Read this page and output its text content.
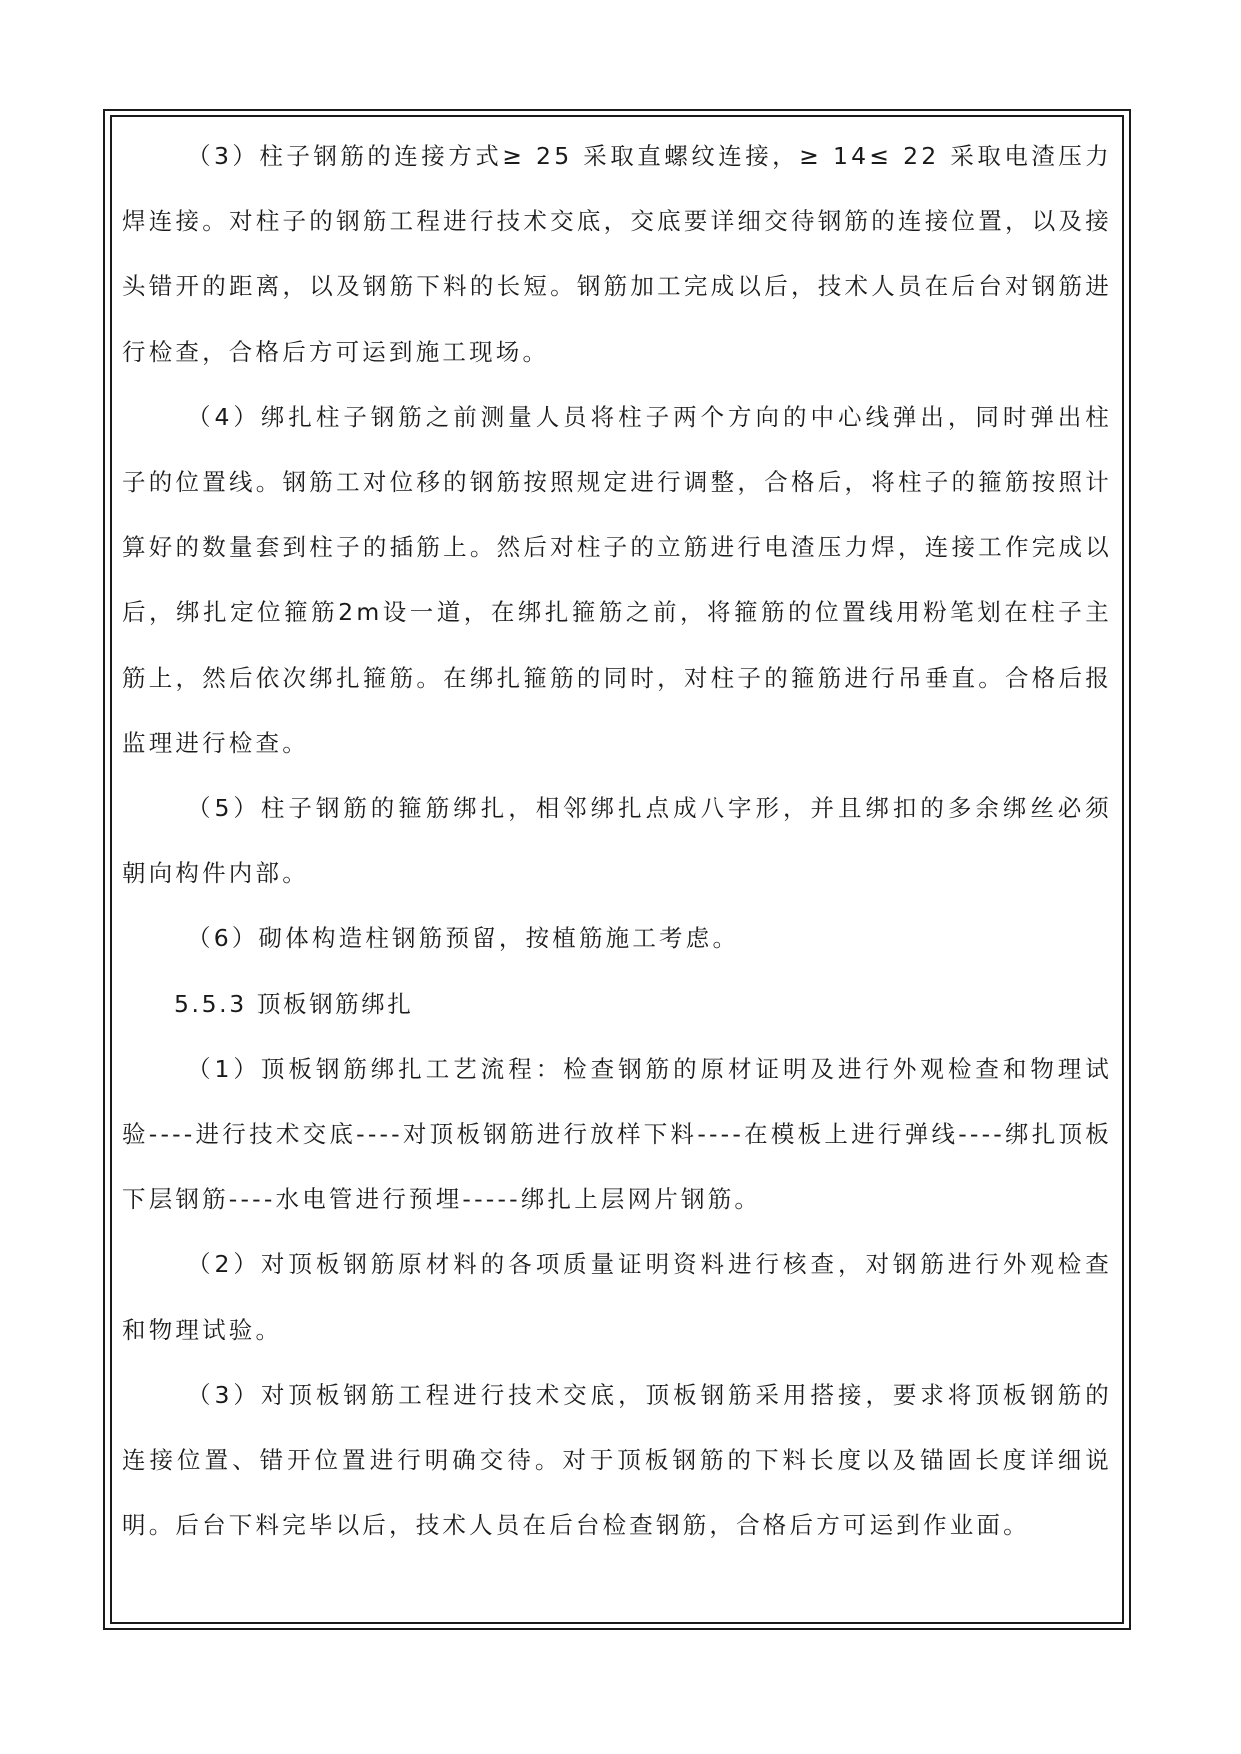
（3）柱子钢筋的连接方式≥ 25 采取直螺纹连接，≥ 14≤ 22 采取电渣压力焊连接。对柱子的钢筋工程进行技术交底，交底要详细交待钢筋的连接位置，以及接头错开的距离，以及钢筋下料的长短。钢筋加工完成以后，技术人员在后台对钢筋进行检查，合格后方可运到施工现场。

（4）绑扎柱子钢筋之前测量人员将柱子两个方向的中心线弹出，同时弹出柱子的位置线。钢筋工对位移的钢筋按照规定进行调整，合格后，将柱子的箍筋按照计算好的数量套到柱子的插筋上。然后对柱子的立筋进行电渣压力焊，连接工作完成以后，绑扎定位箍筋2m设一道，在绑扎箍筋之前，将箍筋的位置线用粉笔划在柱子主筋上，然后依次绑扎箍筋。在绑扎箍筋的同时，对柱子的箍筋进行吊垂直。合格后报监理进行检查。

（5）柱子钢筋的箍筋绑扎，相邻绑扎点成八字形，并且绑扣的多余绑丝必须朝向构件内部。

（6）砌体构造柱钢筋预留，按植筋施工考虑。

5.5.3 顶板钢筋绑扎

（1）顶板钢筋绑扎工艺流程：检查钢筋的原材证明及进行外观检查和物理试验----进行技术交底----对顶板钢筋进行放样下料----在模板上进行弹线----绑扎顶板下层钢筋----水电管进行预埋-----绑扎上层网片钢筋。

（2）对顶板钢筋原材料的各项质量证明资料进行核查，对钢筋进行外观检查和物理试验。

（3）对顶板钢筋工程进行技术交底，顶板钢筋采用搭接，要求将顶板钢筋的连接位置、错开位置进行明确交待。对于顶板钢筋的下料长度以及锚固长度详细说明。后台下料完毕以后，技术人员在后台检查钢筋，合格后方可运到作业面。
